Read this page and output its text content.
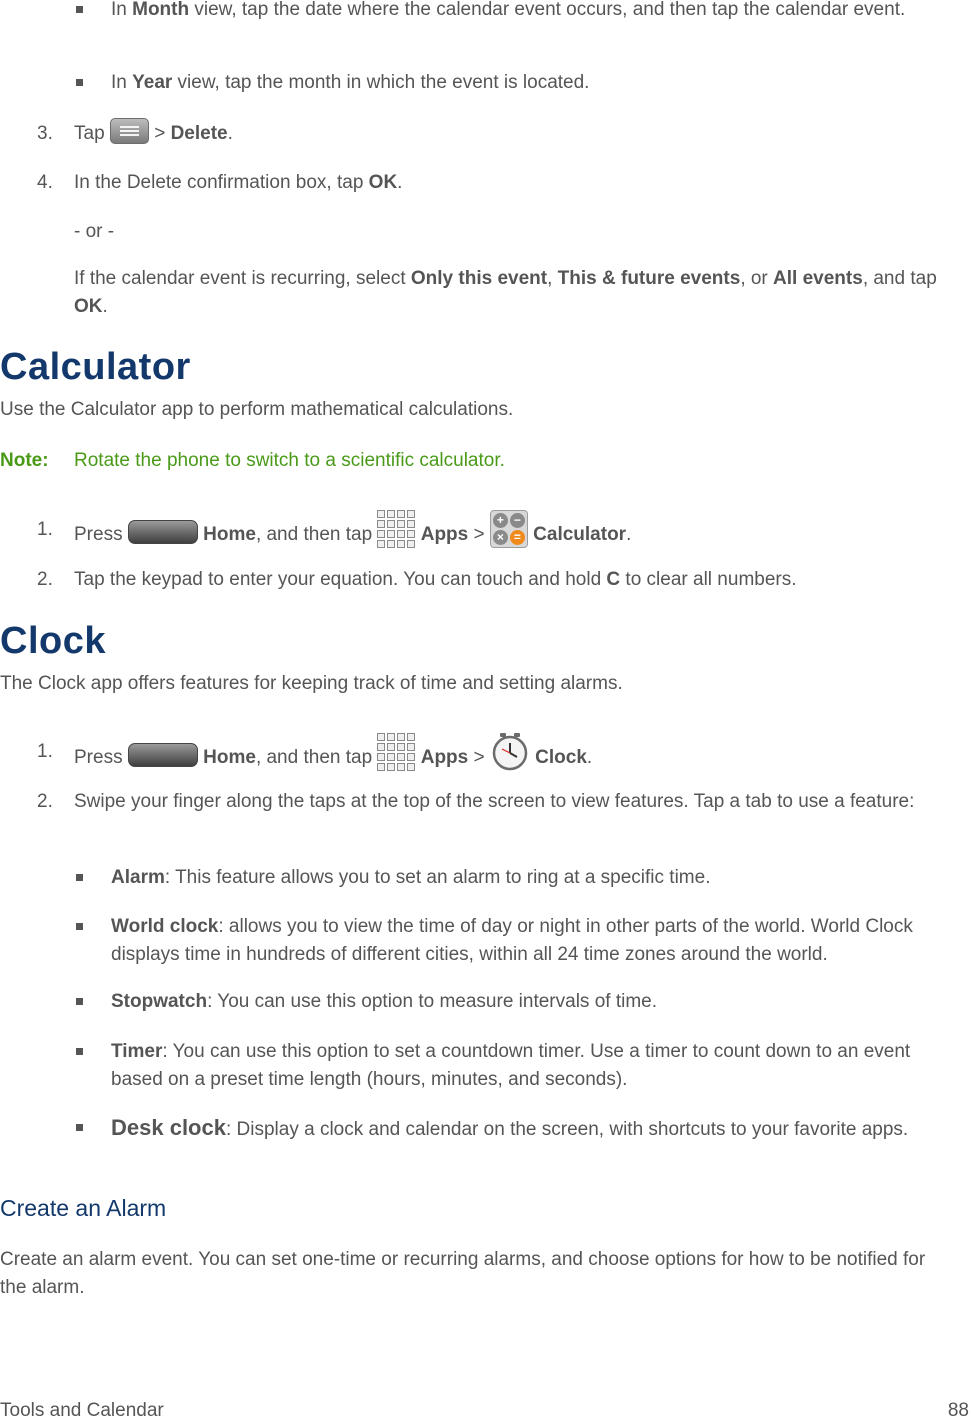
In Month view, tap the date where the calendar event occurs, and then tap the calendar event.
In Year view, tap the month in which the event is located.
3. Tap  > Delete.
4. In the Delete confirmation box, tap OK.
- or -
If the calendar event is recurring, select Only this event, This & future events, or All events, and tap OK.
Calculator
Use the Calculator app to perform mathematical calculations.
Note: Rotate the phone to switch to a scientific calculator.
1. Press	Home, and then tap	Apps >
+ −
× = Calculator.
2. Tap the keypad to enter your equation. You can touch and hold C to clear all numbers.
Clock
The Clock app offers features for keeping track of time and setting alarms.
1. Press	Home, and then tap	Apps >	Clock.
2. Swipe your finger along the taps at the top of the screen to view features. Tap a tab to use a feature:
Alarm: This feature allows you to set an alarm to ring at a specific time.
World clock: allows you to view the time of day or night in other parts of the world. World Clock displays time in hundreds of different cities, within all 24 time zones around the world.
Stopwatch: You can use this option to measure intervals of time.
Timer: You can use this option to set a countdown timer. Use a timer to count down to an event based on a preset time length (hours, minutes, and seconds).
Desk clock: Display a clock and calendar on the screen, with shortcuts to your favorite apps.
Create an Alarm
Create an alarm event. You can set one-time or recurring alarms, and choose options for how to be notified for the alarm.
Tools and Calendar	88
